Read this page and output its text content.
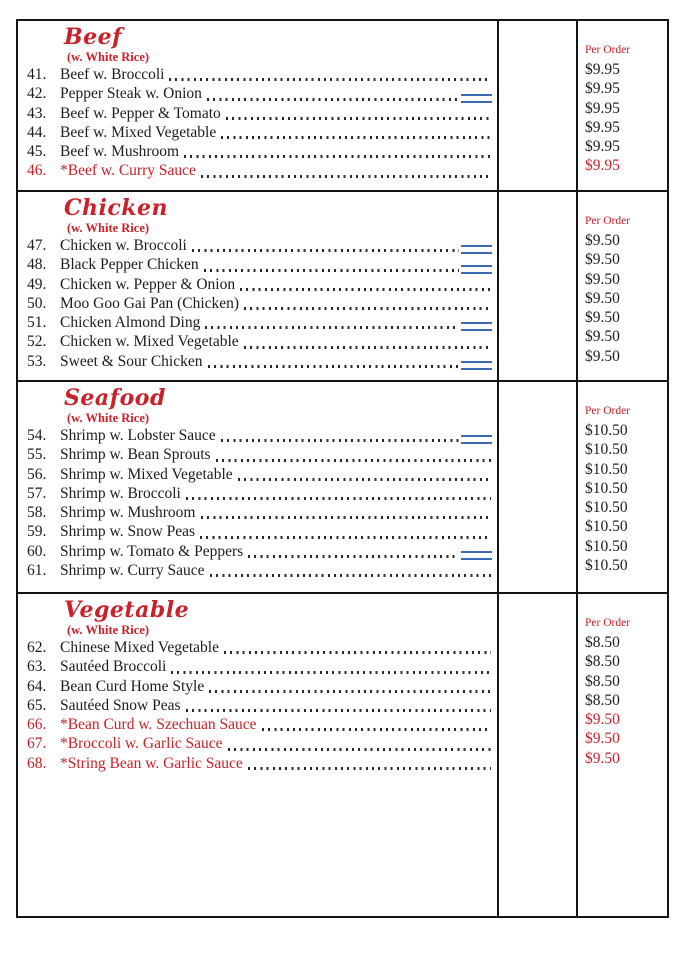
Beef
(w. White Rice)
41. Beef w. Broccoli
42. Pepper Steak w. Onion
43. Beef w. Pepper & Tomato
44. Beef w. Mixed Vegetable
45. Beef w. Mushroom
46. *Beef w. Curry Sauce
Per Order
$9.95
$9.95
$9.95
$9.95
$9.95
$9.95
Chicken
(w. White Rice)
47. Chicken w. Broccoli
48. Black Pepper Chicken
49. Chicken w. Pepper & Onion
50. Moo Goo Gai Pan (Chicken)
51. Chicken Almond Ding
52. Chicken w. Mixed Vegetable
53. Sweet & Sour Chicken
Per Order
$9.50
$9.50
$9.50
$9.50
$9.50
$9.50
$9.50
Seafood
(w. White Rice)
54. Shrimp w. Lobster Sauce
55. Shrimp w. Bean Sprouts
56. Shrimp w. Mixed Vegetable
57. Shrimp w. Broccoli
58. Shrimp w. Mushroom
59. Shrimp w. Snow Peas
60. Shrimp w. Tomato & Peppers
61. Shrimp w. Curry Sauce
Per Order
$10.50
$10.50
$10.50
$10.50
$10.50
$10.50
$10.50
$10.50
Vegetable
(w. White Rice)
62. Chinese Mixed Vegetable
63. Sautéed Broccoli
64. Bean Curd Home Style
65. Sautéed Snow Peas
66. *Bean Curd w. Szechuan Sauce
67. *Broccoli w. Garlic Sauce
68. *String Bean w. Garlic Sauce
Per Order
$8.50
$8.50
$8.50
$8.50
$9.50
$9.50
$9.50
